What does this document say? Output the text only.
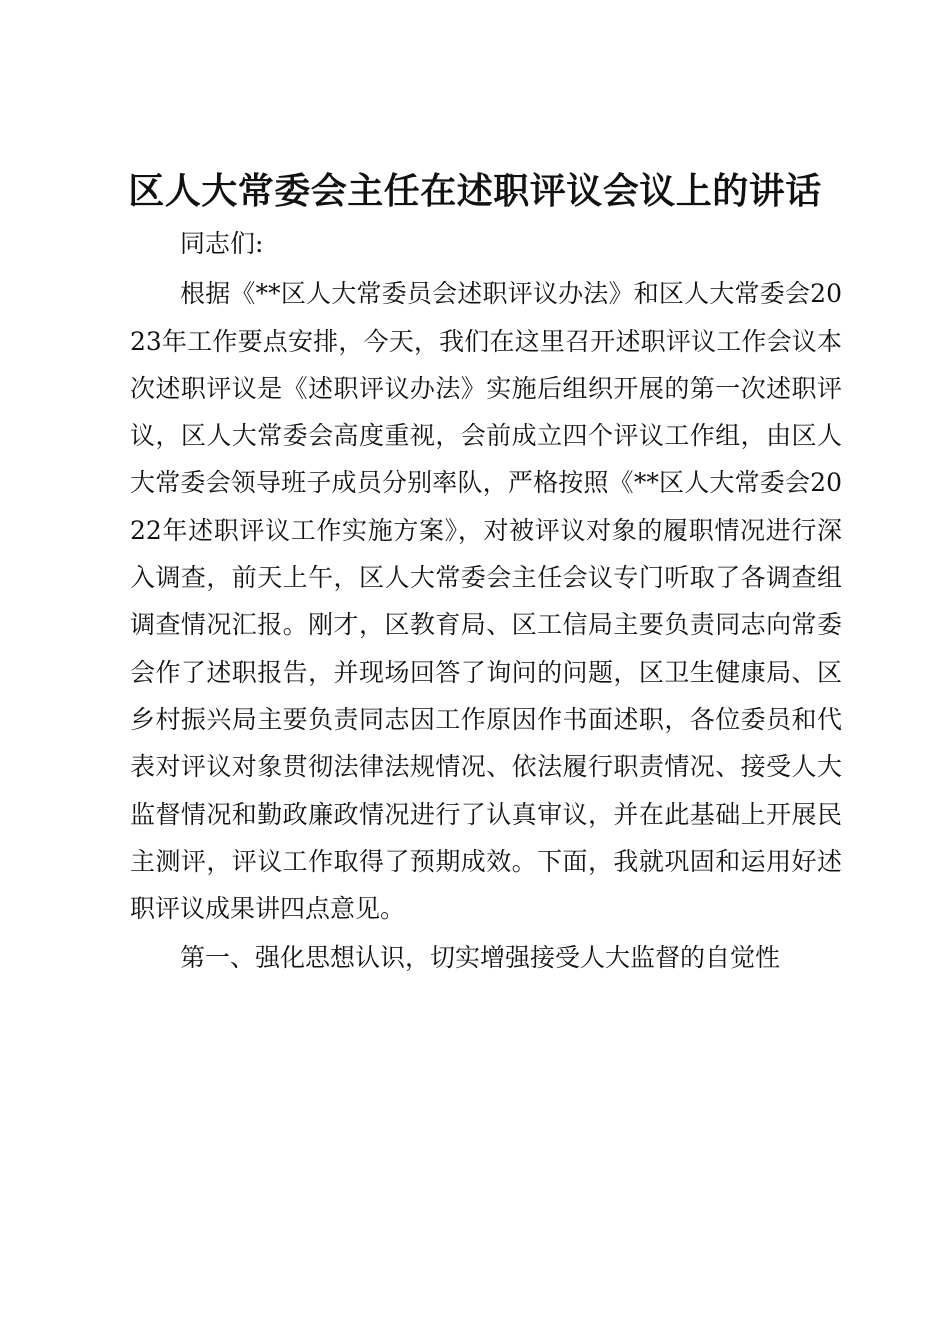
区人大常委会主任在述职评议会议上的讲话

同志们:

根据《**区人大常委员会述职评议办法》和区人大常委会2023年工作要点安排，今天，我们在这里召开述职评议工作会议本次述职评议是《述职评议办法》实施后组织开展的第一次述职评议，区人大常委会高度重视，会前成立四个评议工作组，由区人大常委会领导班子成员分别率队，严格按照《**区人大常委会2022年述职评议工作实施方案》，对被评议对象的履职情况进行深入调查，前天上午，区人大常委会主任会议专门听取了各调查组调查情况汇报。刚才，区教育局、区工信局主要负责同志向常委会作了述职报告，并现场回答了询问的问题，区卫生健康局、区乡村振兴局主要负责同志因工作原因作书面述职，各位委员和代表对评议对象贯彻法律法规情况、依法履行职责情况、接受人大监督情况和勤政廉政情况进行了认真审议，并在此基础上开展民主测评，评议工作取得了预期成效。下面，我就巩固和运用好述职评议成果讲四点意见。

第一、强化思想认识，切实增强接受人大监督的自觉性
